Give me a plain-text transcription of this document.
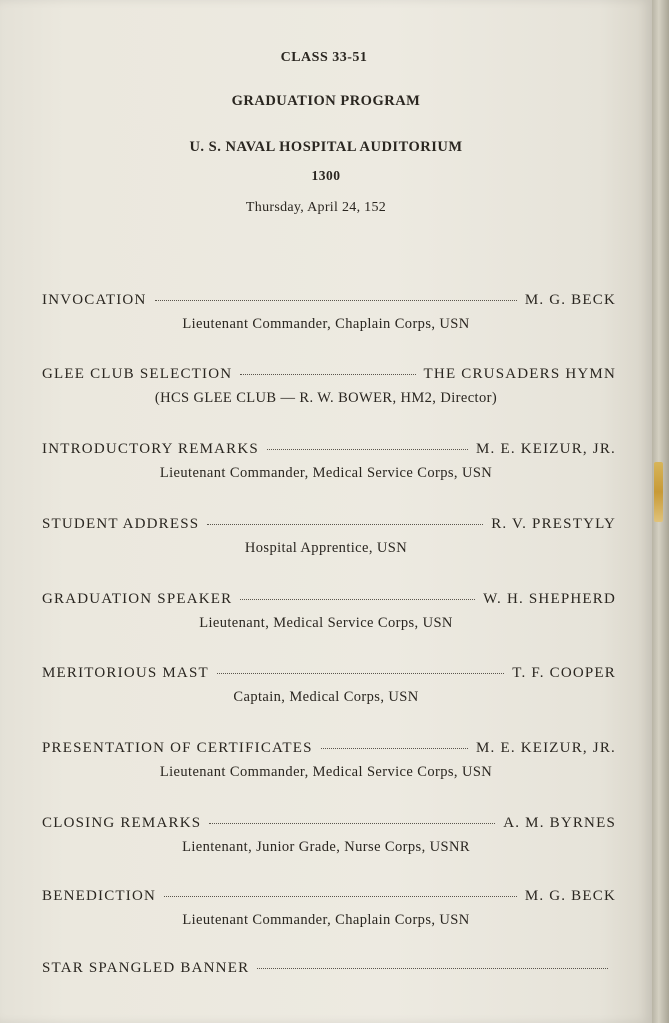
CLASS 33-51
GRADUATION PROGRAM
U. S. NAVAL HOSPITAL AUDITORIUM
1300
Thursday, April 24, 152
INVOCATION	M. G. BECK
Lieutenant Commander, Chaplain Corps, USN
GLEE CLUB SELECTION	THE CRUSADERS HYMN
(HCS GLEE CLUB — R. W. BOWER, HM2, Director)
INTRODUCTORY REMARKS	M. E. KEIZUR, JR.
Lieutenant Commander, Medical Service Corps, USN
STUDENT ADDRESS	R. V. PRESTYLY
Hospital Apprentice, USN
GRADUATION SPEAKER	W. H. SHEPHERD
Lieutenant, Medical Service Corps, USN
MERITORIOUS MAST	T. F. COOPER
Captain, Medical Corps, USN
PRESENTATION OF CERTIFICATES	M. E. KEIZUR, JR.
Lieutenant Commander, Medical Service Corps, USN
CLOSING REMARKS	A. M. BYRNES
Lientenant, Junior Grade, Nurse Corps, USNR
BENEDICTION	M. G. BECK
Lieutenant Commander, Chaplain Corps, USN
STAR SPANGLED BANNER
